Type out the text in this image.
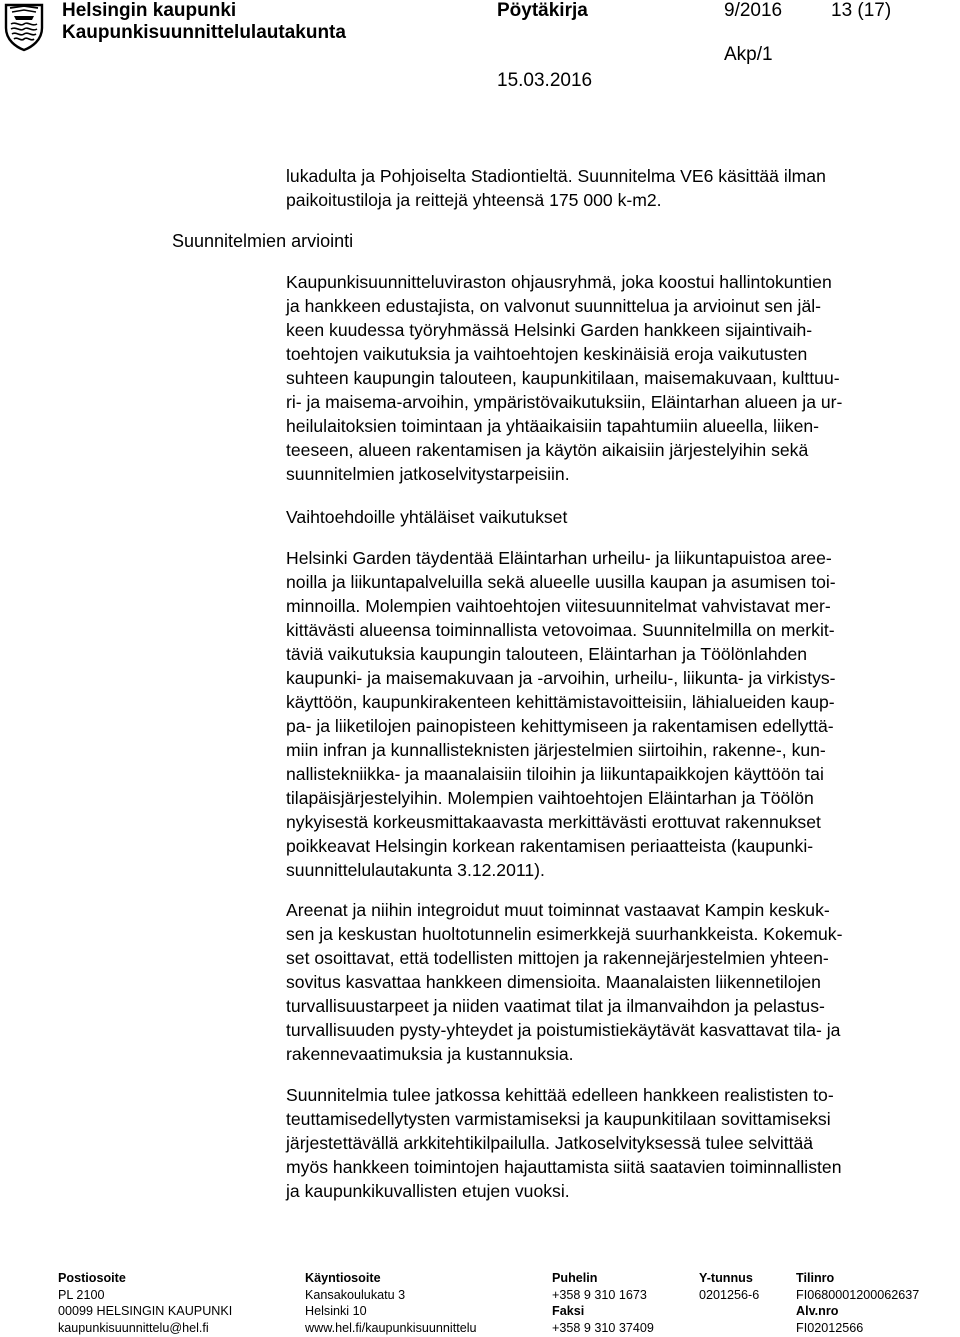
Helsingin kaupunki
Kaupunkisuunnittelulautakunta
Pöytäkirja	9/2016	13 (17)
Akp/1
15.03.2016
lukadulta ja Pohjoiselta Stadiontieltä. Suunnitelma VE6 käsittää ilman
paikoitustiloja ja reittejä yhteensä 175 000 k-m2.
Suunnitelmien arviointi
Kaupunkisuunnitteluviraston ohjausryhmä, joka koostui hallintokuntien
ja hankkeen edustajista, on valvonut suunnittelua ja arvioinut sen jäl-
keen kuudessa työryhmässä Helsinki Garden hankkeen sijaintivaih-
toehtojen vaikutuksia ja vaihtoehtojen keskinäisiä eroja vaikutusten
suhteen kaupungin talouteen, kaupunkitilaan, maisemakuvaan, kulttuu-
ri- ja maisema-arvoihin, ympäristövaikutuksiin, Eläintarhan alueen ja ur-
heilulaitoksien toimintaan ja yhtäaikaisiin tapahtumiin alueella, liiken-
teeseen, alueen rakentamisen ja käytön aikaisiin järjestelyihin sekä
suunnitelmien jatkoselvitystarpeisiin.
Vaihtoehdoille yhtäläiset vaikutukset
Helsinki Garden täydentää Eläintarhan urheilu- ja liikuntapuistoa aree-
noilla ja liikuntapalveluilla sekä alueelle uusilla kaupan ja asumisen toi-
minnoilla. Molempien vaihtoehtojen viitesuunnitelmat vahvistavat mer-
kittävästi alueensa toiminnallista vetovoimaa. Suunnitelmilla on merkit-
täviä vaikutuksia kaupungin talouteen, Eläintarhan ja Töölönlahden
kaupunki- ja maisemakuvaan ja -arvoihin, urheilu-, liikunta- ja virkistys-
käyttöön, kaupunkirakenteen kehittämistavoitteisiin, lähialueiden kaup-
pa- ja liiketilojen painopisteen kehittymiseen ja rakentamisen edellyttä-
miin infran ja kunnallisteknisten järjestelmien siirtoihin, rakenne-, kun-
nallistekniikka- ja maanalaisiin tiloihin ja liikuntapaikkojen käyttöön tai
tilapäisjärjestelyihin. Molempien vaihtoehtojen Eläintarhan ja Töölön
nykyisestä korkeusmittakaavasta merkittävästi erottuvat rakennukset
poikkeavat Helsingin korkean rakentamisen periaatteista (kaupunki-
suunnittelulautakunta 3.12.2011).
Areenat ja niihin integroidut muut toiminnat vastaavat Kampin keskuk-
sen ja keskustan huoltotunnelin esimerkkejä suurhankkeista. Kokemuk-
set osoittavat, että todellisten mittojen ja rakennejärjestelmien yhteen-
sovitus kasvattaa hankkeen dimensioita. Maanalaisten liikennetilojen
turvallisuustarpeet ja niiden vaatimat tilat ja ilmanvaihdon ja pelastus-
turvallisuuden pysty-yhteydet ja poistumistiekäytävät kasvattavat tila- ja
rakennevaatimuksia ja kustannuksia.
Suunnitelmia tulee jatkossa kehittää edelleen hankkeen realististen to-
teuttamisedellytysten varmistamiseksi ja kaupunkitilaan sovittamiseksi
järjestettävällä arkkitehtikilpailulla. Jatkoselvityksessä tulee selvittää
myös hankkeen toimintojen hajauttamista siitä saatavien toiminnallisten
ja kaupunkikuvallisten etujen vuoksi.
Postiosoite
PL 2100
00099 HELSINGIN KAUPUNKI
kaupunkisuunnittelu@hel.fi
Käyntiosoite
Kansakoulukatu 3
Helsinki 10
www.hel.fi/kaupunkisuunnittelu
Puhelin
+358 9 310 1673
Faksi
+358 9 310 37409
Y-tunnus
0201256-6
Tilinro
FI0680001200062637
Alv.nro
FI02012566
